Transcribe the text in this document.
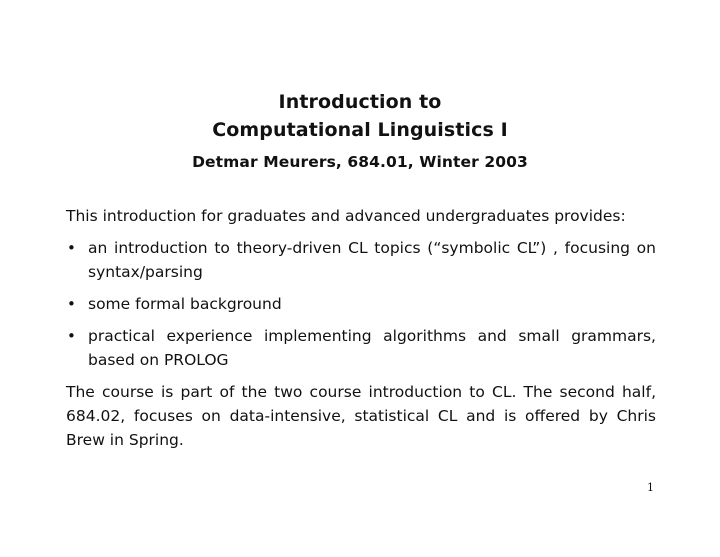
Introduction to
Computational Linguistics I
Detmar Meurers, 684.01, Winter 2003

This introduction for graduates and advanced undergraduates provides:

• an introduction to theory-driven CL topics (“symbolic CL”) , focusing on syntax/parsing
• some formal background
• practical experience implementing algorithms and small grammars, based on PROLOG

The course is part of the two course introduction to CL. The second half, 684.02, focuses on data-intensive, statistical CL and is offered by Chris Brew in Spring.

1
